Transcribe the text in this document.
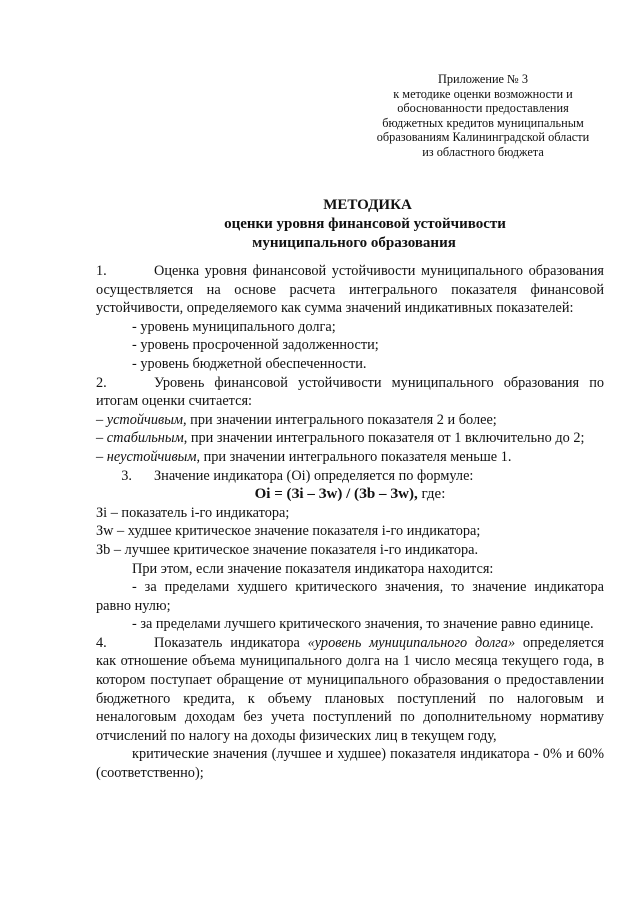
Приложение № 3
к методике оценки возможности и
обоснованности предоставления
бюджетных кредитов муниципальным
образованиям Калининградской области
из областного бюджета
МЕТОДИКА
оценки уровня финансовой устойчивости
муниципального образования

1.	Оценка уровня финансовой устойчивости муниципального образования осуществляется на основе расчета интегрального показателя финансовой устойчивости, определяемого как сумма значений индикативных показателей:

- уровень муниципального долга;

- уровень просроченной задолженности;

- уровень бюджетной обеспеченности.

2.	Уровень финансовой устойчивости муниципального образования по итогам оценки считается:

– устойчивым, при значении интегрального показателя 2 и более;

– стабильным, при значении интегрального показателя от 1 включительно до 2;

– неустойчивым, при значении интегрального показателя меньше 1.

3. Значение индикатора (Oi) определяется по формуле:

Oi = (Зi – Зw) / (Зb – Зw), где:

Зi – показатель i-го индикатора;

Зw – худшее критическое значение показателя i-го индикатора;

Зb – лучшее критическое значение показателя i-го индикатора.

При этом, если значение показателя индикатора находится:

- за пределами худшего критического значения, то значение индикатора равно нулю;

- за пределами лучшего критического значения, то значение равно единице.

4.	Показатель индикатора «уровень муниципального долга» определяется как отношение объема муниципального долга на 1 число месяца текущего года, в котором поступает обращение от муниципального образования о предоставлении бюджетного кредита, к объему плановых поступлений по налоговым и неналоговым доходам без учета поступлений по дополнительному нормативу отчислений по налогу на доходы физических лиц в текущем году,

критические значения (лучшее и худшее) показателя индикатора - 0% и 60% (соответственно);
